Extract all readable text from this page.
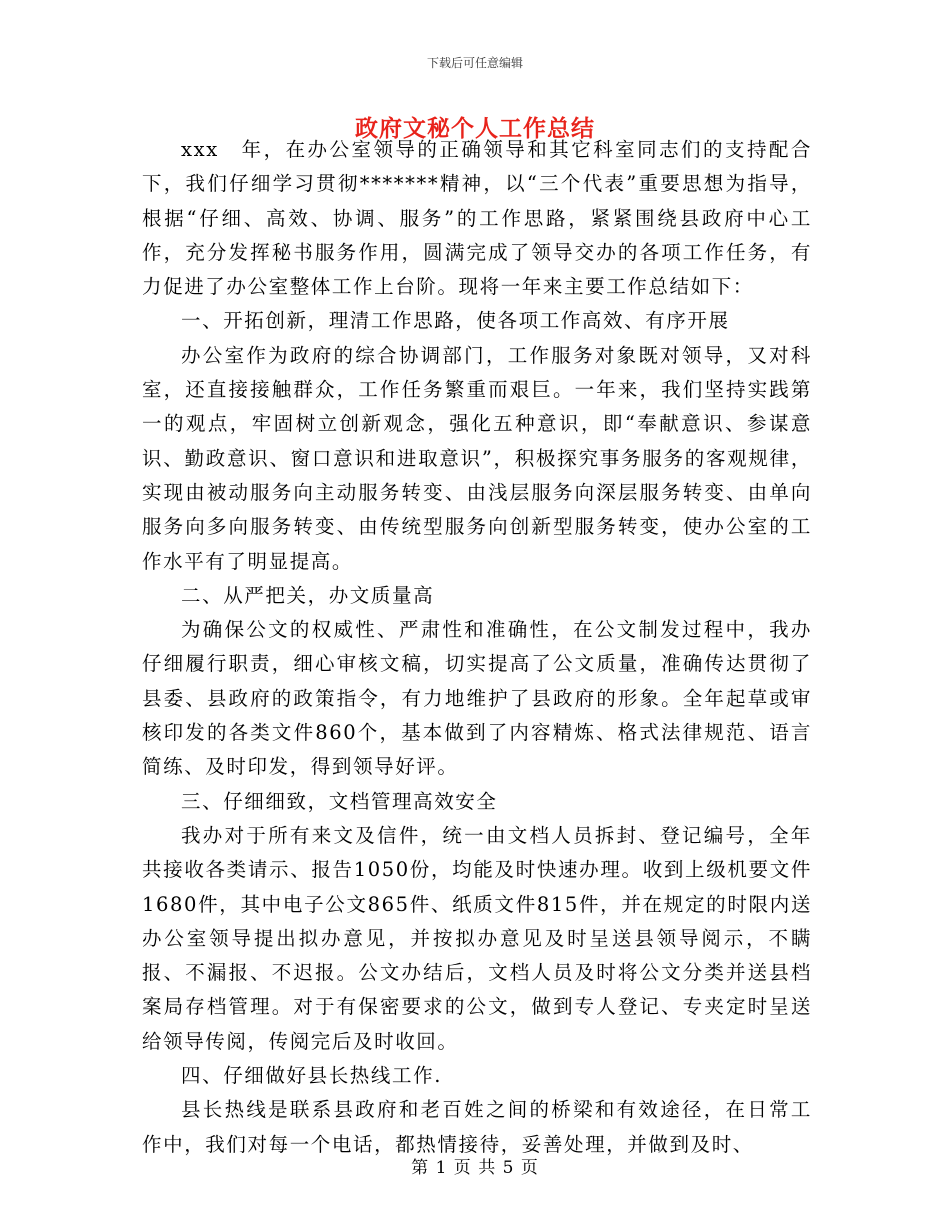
下载后可任意编辑
政府文秘个人工作总结

xxx　年，在办公室领导的正确领导和其它科室同志们的支持配合下，我们仔细学习贯彻*******精神，以“三个代表”重要思想为指导，根据“仔细、高效、协调、服务”的工作思路，紧紧围绕县政府中心工作，充分发挥秘书服务作用，圆满完成了领导交办的各项工作任务，有力促进了办公室整体工作上台阶。现将一年来主要工作总结如下：

一、开拓创新，理清工作思路，使各项工作高效、有序开展

办公室作为政府的综合协调部门，工作服务对象既对领导，又对科室，还直接接触群众，工作任务繁重而艰巨。一年来，我们坚持实践第一的观点，牢固树立创新观念，强化五种意识，即“奉献意识、参谋意识、勤政意识、窗口意识和进取意识”，积极探究事务服务的客观规律，实现由被动服务向主动服务转变、由浅层服务向深层服务转变、由单向服务向多向服务转变、由传统型服务向创新型服务转变，使办公室的工作水平有了明显提高。

二、从严把关，办文质量高

为确保公文的权威性、严肃性和准确性，在公文制发过程中，我办仔细履行职责，细心审核文稿，切实提高了公文质量，准确传达贯彻了县委、县政府的政策指令，有力地维护了县政府的形象。全年起草或审核印发的各类文件860个，基本做到了内容精炼、格式法律规范、语言简练、及时印发，得到领导好评。

三、仔细细致，文档管理高效安全

我办对于所有来文及信件，统一由文档人员拆封、登记编号，全年共接收各类请示、报告1050份，均能及时快速办理。收到上级机要文件1680件，其中电子公文865件、纸质文件815件，并在规定的时限内送办公室领导提出拟办意见，并按拟办意见及时呈送县领导阅示，不瞒报、不漏报、不迟报。公文办结后，文档人员及时将公文分类并送县档案局存档管理。对于有保密要求的公文，做到专人登记、专夹定时呈送给领导传阅，传阅完后及时收回。

四、仔细做好县长热线工作.

县长热线是联系县政府和老百姓之间的桥梁和有效途径，在日常工作中，我们对每一个电话，都热情接待，妥善处理，并做到及时、

第 1 页 共 5 页
